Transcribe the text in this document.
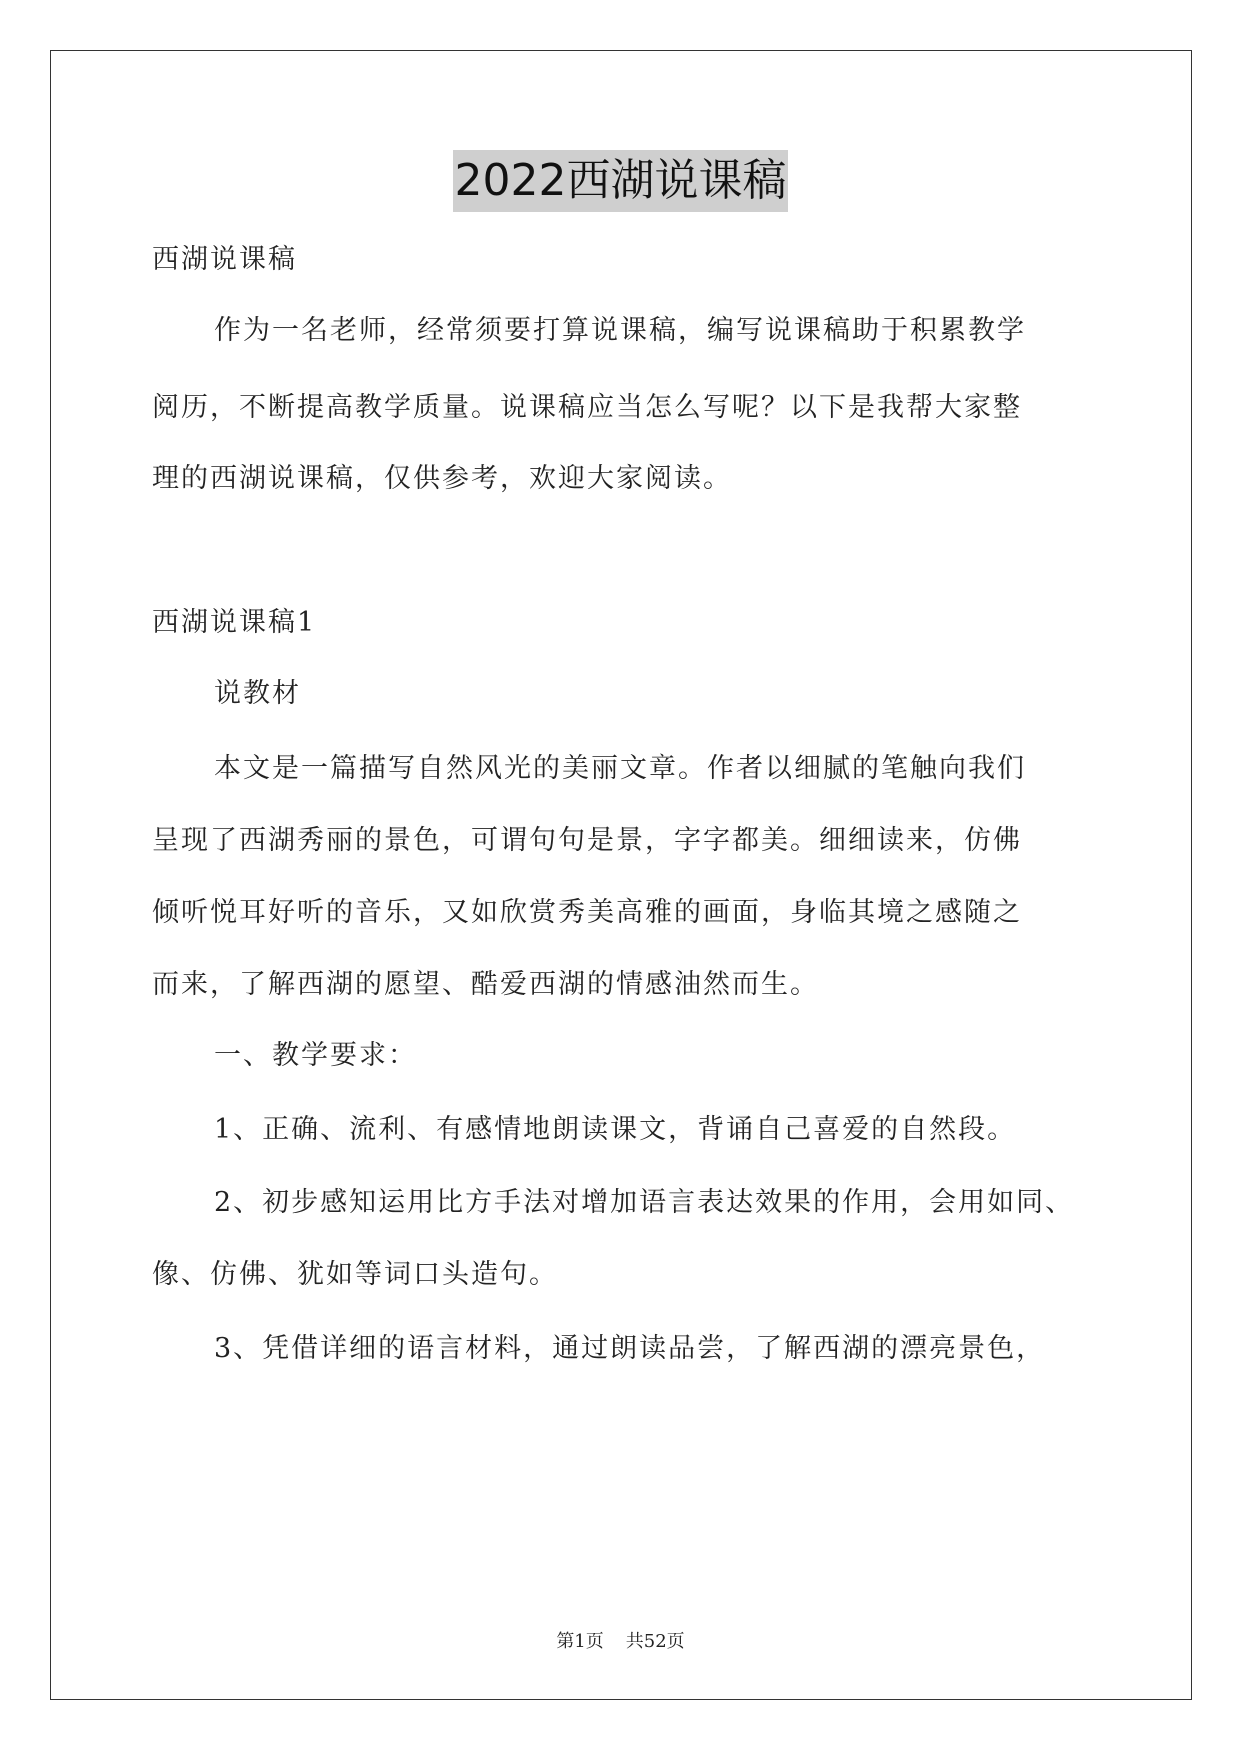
2022西湖说课稿
西湖说课稿
作为一名老师，经常须要打算说课稿，编写说课稿助于积累教学
阅历，不断提高教学质量。说课稿应当怎么写呢？以下是我帮大家整
理的西湖说课稿，仅供参考，欢迎大家阅读。
西湖说课稿1
说教材
本文是一篇描写自然风光的美丽文章。作者以细腻的笔触向我们
呈现了西湖秀丽的景色，可谓句句是景，字字都美。细细读来，仿佛
倾听悦耳好听的音乐，又如欣赏秀美高雅的画面，身临其境之感随之
而来，了解西湖的愿望、酷爱西湖的情感油然而生。
一、教学要求：
1、正确、流利、有感情地朗读课文，背诵自己喜爱的自然段。
2、初步感知运用比方手法对增加语言表达效果的作用，会用如同、
像、仿佛、犹如等词口头造句。
3、凭借详细的语言材料，通过朗读品尝，了解西湖的漂亮景色，
第1页 共52页
